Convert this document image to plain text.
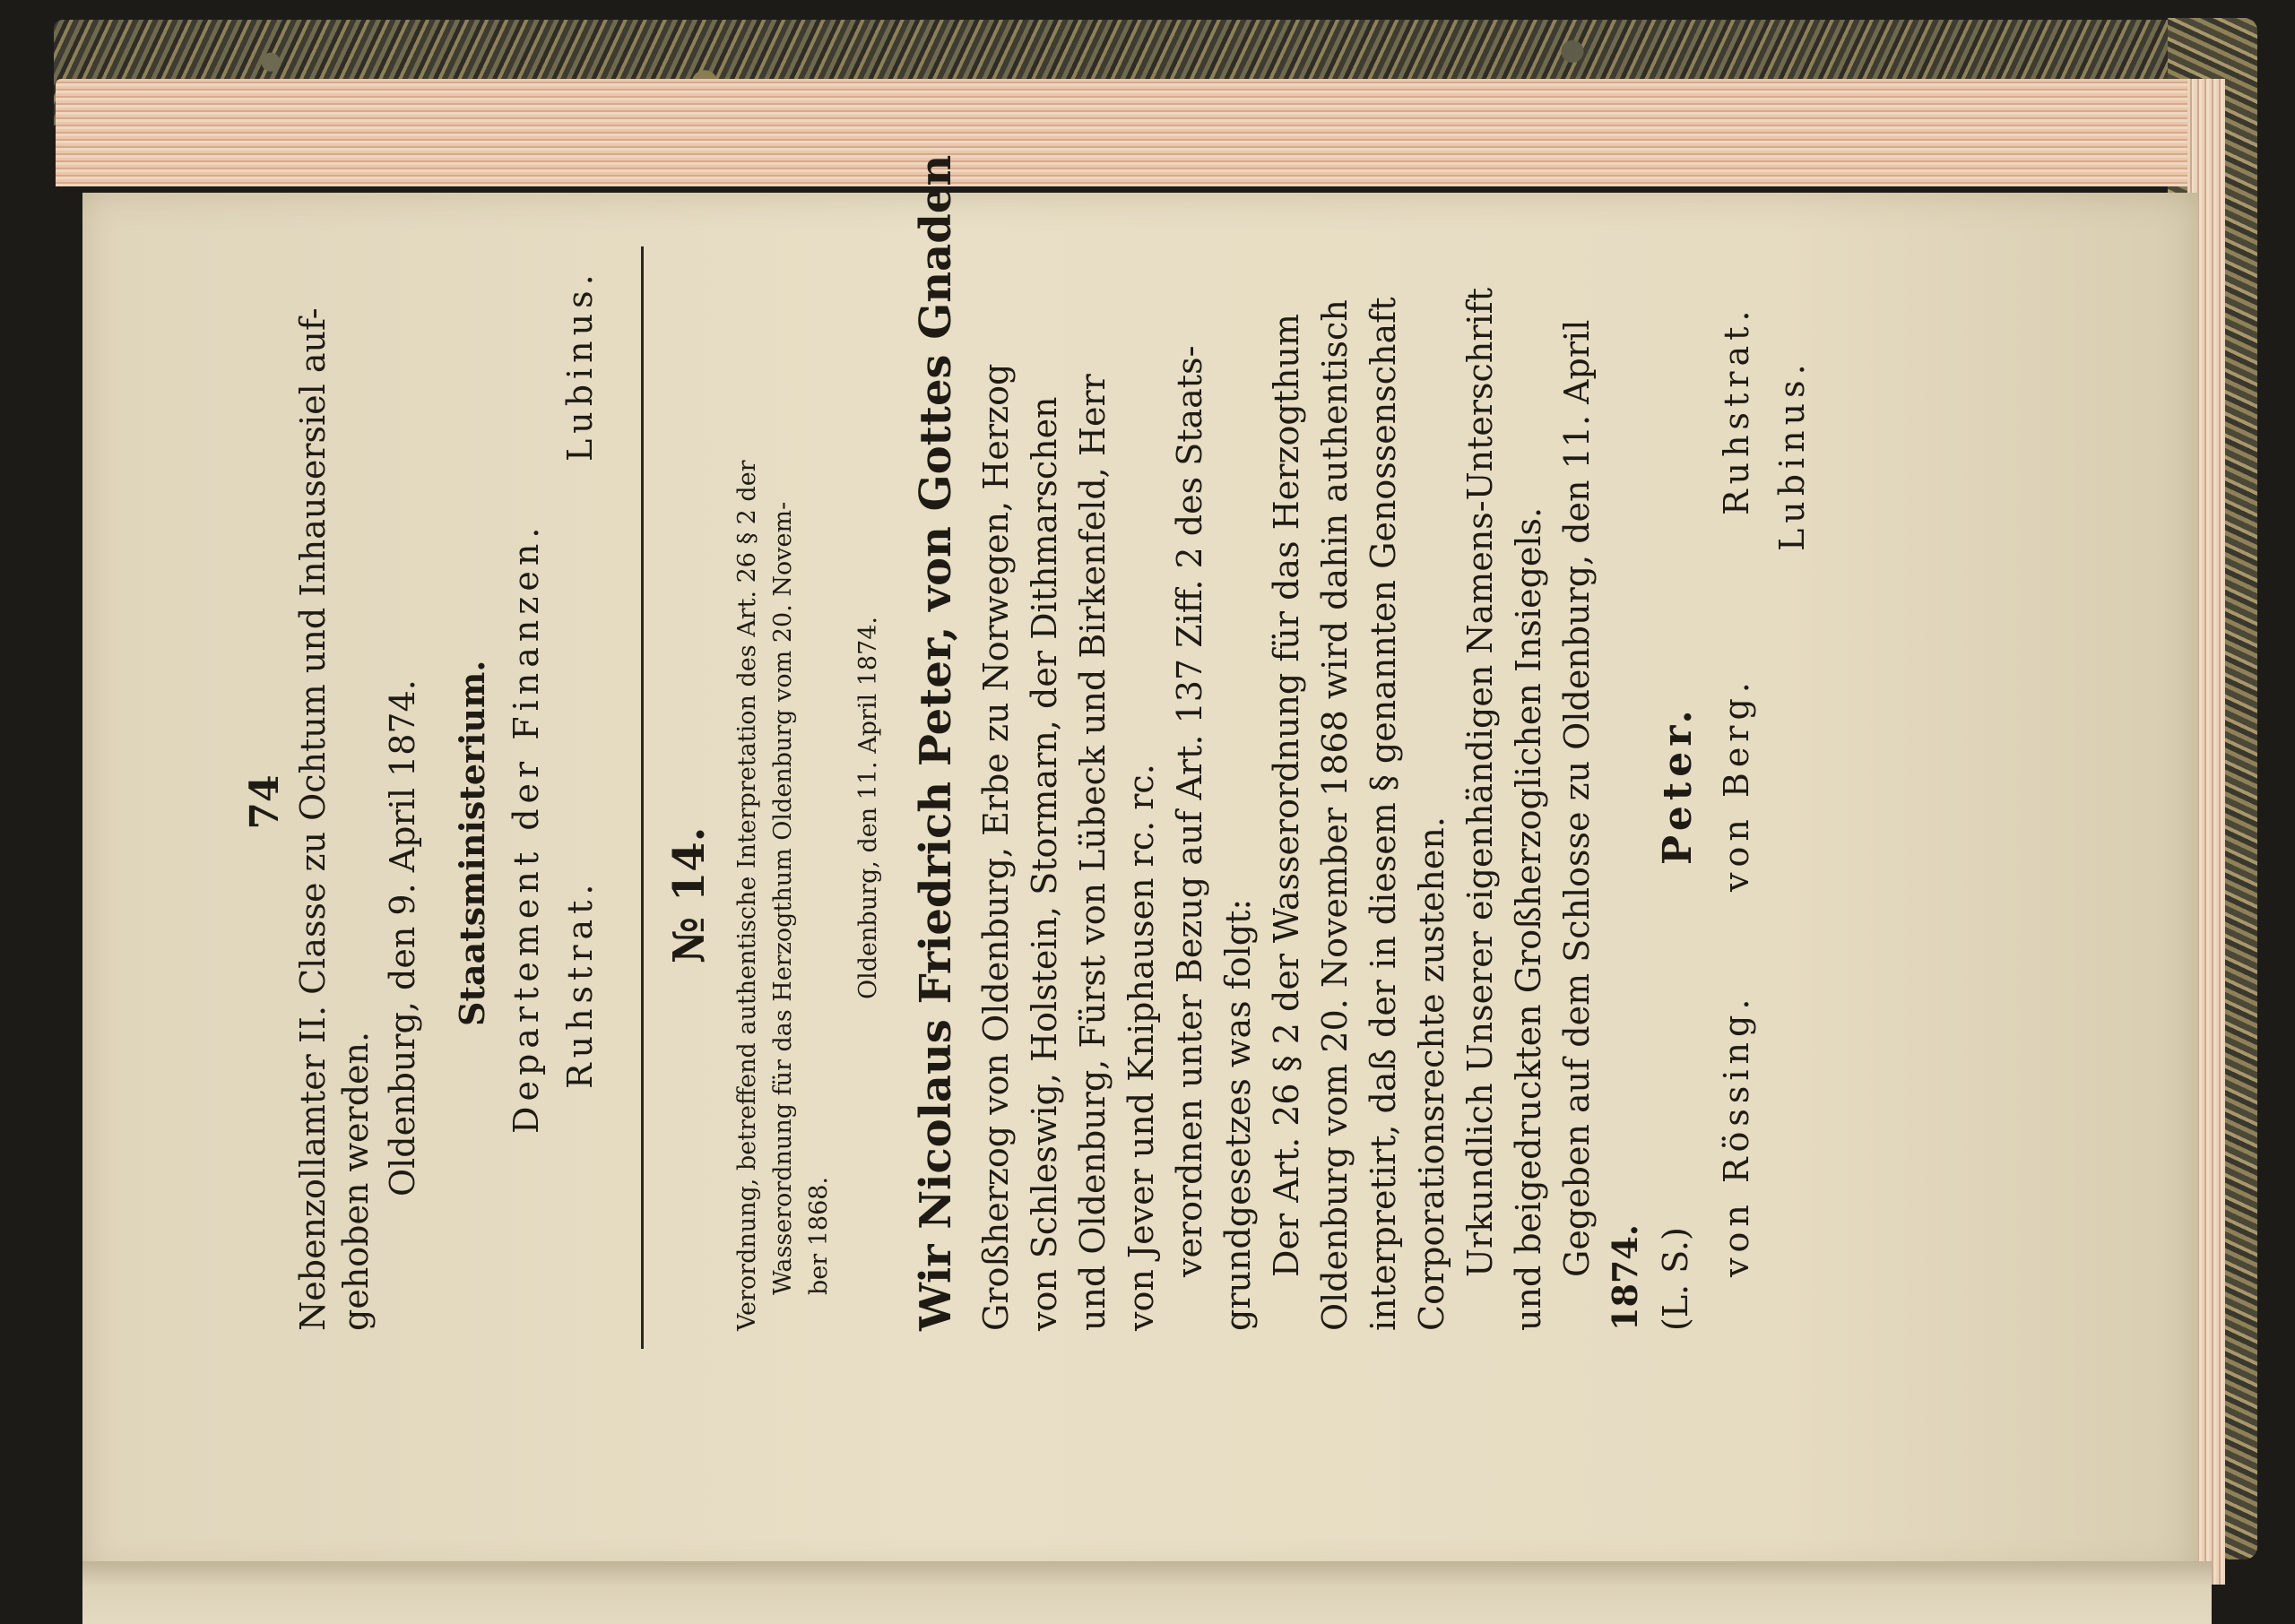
74 Nebenzollamter II. Classe zu Ochtum und Inhausersiel auf- gehoben werden. Oldenburg, den 9. April 1874. Staatsministerium. Departement der Finanzen. Ruhstrat.
Lubinus.
№ 14. Verordnung, betreffend authentische Interpretation des Art. 26 § 2 der Wasserordnung für das Herzogthum Oldenburg vom 20. Novem- ber 1868.
Oldenburg, den 11. April 1874. Wir Nicolaus Friedrich Peter, von Gottes Gnaden Großherzog von Oldenburg, Erbe zu Norwegen, Herzog von Schleswig, Holstein, Stormarn, der Dithmarschen und Oldenburg, Fürst von Lübeck und Birkenfeld, Herr von Jever und Kniphausen rc. rc. verordnen unter Bezug auf Art. 137 Ziff. 2 des Staats- grundgesetzes was folgt: Der Art. 26 § 2 der Wasserordnung für das Herzogthum Oldenburg vom 20. November 1868 wird dahin authentisch interpretirt, daß der in diesem § genannten Genossenschaft Corporationsrechte zustehen. Urkundlich Unserer eigenhändigen Namens-Unterschrift und beigedruckten Großherzoglichen Insiegels. Gegeben auf dem Schlosse zu Oldenburg, den 11. April
1874. (L. S.)
Peter.
von Rössing.
von Berg.
Ruhstrat. Lubinus.
